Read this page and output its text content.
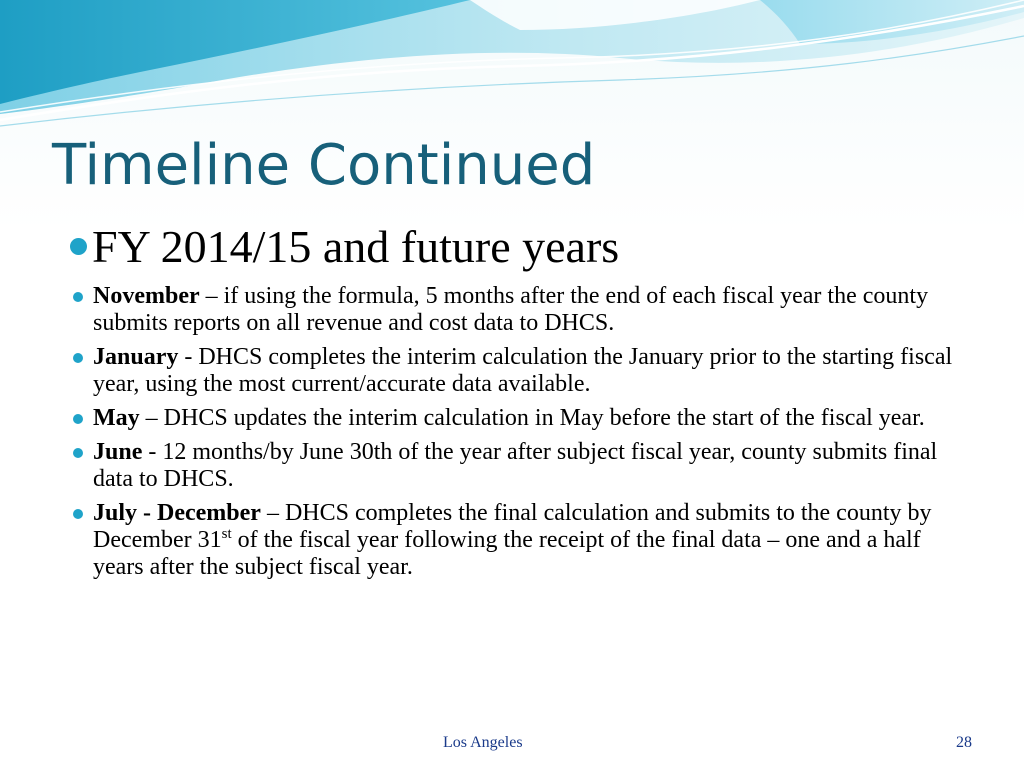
Timeline Continued
FY 2014/15 and future years
November – if using the formula, 5 months after the end of each fiscal year the county submits reports on all revenue and cost data to DHCS.
January - DHCS completes the interim calculation the January prior to the starting fiscal year, using the most current/accurate data available.
May – DHCS updates the interim calculation in May before the start of the fiscal year.
June - 12 months/by June 30th of the year after subject fiscal year, county submits final data to DHCS.
July - December – DHCS completes the final calculation and submits to the county by December 31st of the fiscal year following the receipt of the final data – one and a half years after the subject fiscal year.
Los Angeles	28
